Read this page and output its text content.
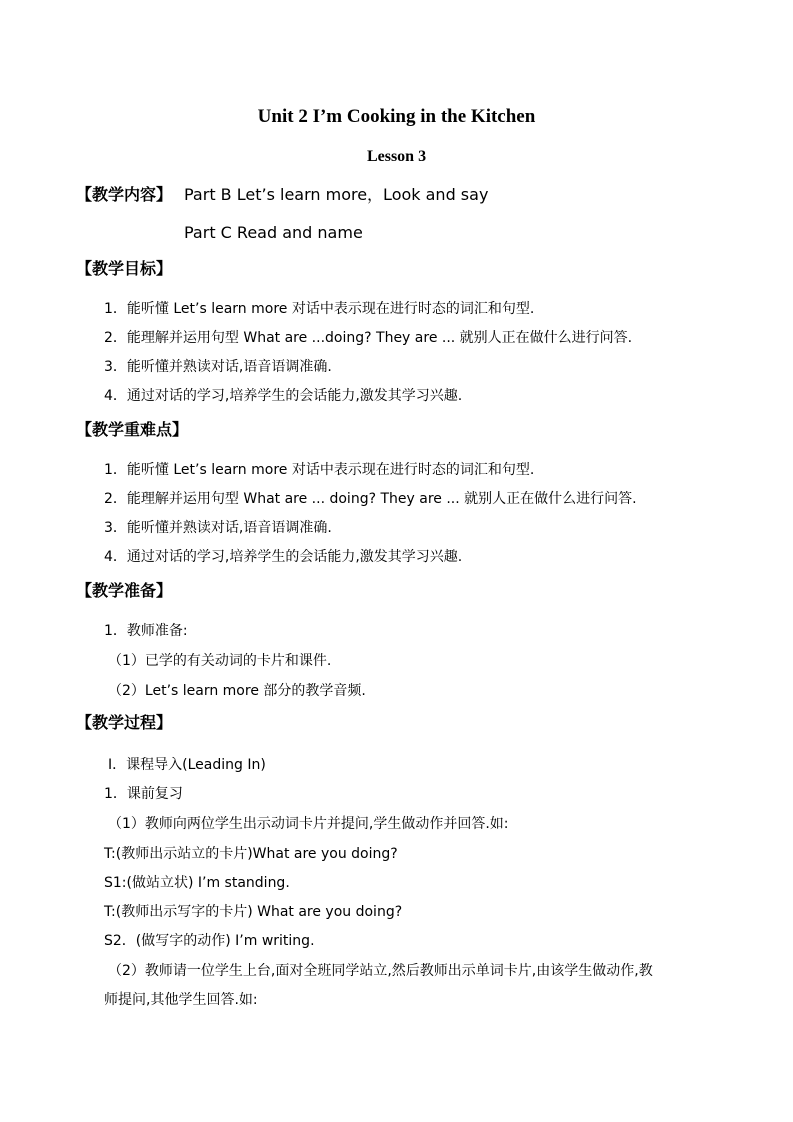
Unit 2 I’m Cooking in the Kitchen
Lesson 3
【教学内容】 Part B Let’s learn more，Look and say
Part C Read and name
【教学目标】
1．能听懂 Let’s learn more 对话中表示现在进行时态的词汇和句型.
2．能理解并运用句型 What are ...doing? They are ... 就别人正在做什么进行问答.
3．能听懂并熟读对话,语音语调准确.
4．通过对话的学习,培养学生的会话能力,激发其学习兴趣.
【教学重难点】
1．能听懂 Let’s learn more 对话中表示现在进行时态的词汇和句型.
2．能理解并运用句型 What are ... doing? They are ... 就别人正在做什么进行问答.
3．能听懂并熟读对话,语音语调准确.
4．通过对话的学习,培养学生的会话能力,激发其学习兴趣.
【教学准备】
1．教师准备:
（1）已学的有关动词的卡片和课件.
（2）Let’s learn more 部分的教学音频.
【教学过程】
Ⅰ．课程导入(Leading In)
1．课前复习
（1）教师向两位学生出示动词卡片并提问,学生做动作并回答.如:
T:(教师出示站立的卡片)What are you doing?
S1:(做站立状) I’m standing.
T:(教师出示写字的卡片) What are you doing?
S2．(做写字的动作) I’m writing.
（2）教师请一位学生上台,面对全班同学站立,然后教师出示单词卡片,由该学生做动作,教
师提问,其他学生回答.如:
